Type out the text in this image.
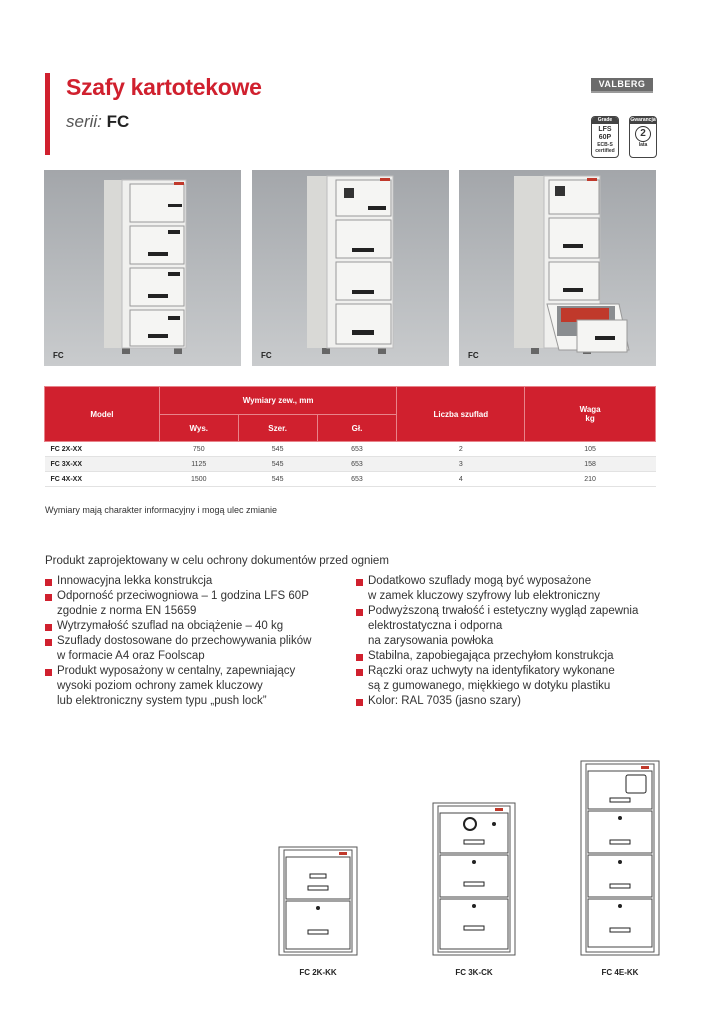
Szafy kartotekowe
serii: FC
VALBERG
Grade
LFS
60P
ECB-S
certified
Gwarancja
2
lata
FC	FC	FC
Model	Wymiary zew., mm			Liczba szuflad	Waga
kg

	Wys.	Szer.	Gł.		
FC 2X-XX	750	545	653	2	105
FC 3X-XX	1125	545	653	3	158
FC 4X-XX	1500	545	653	4	210
Wymiary mają charakter informacyjny i mogą ulec zmianie
Produkt zaprojektowany w celu ochrony dokumentów przed ogniem
Innowacyjna lekka konstrukcja
Odporność przeciwogniowa – 1 godzina LFS 60P
zgodnie z norma EN 15659
Wytrzymałość szuflad na obciążenie – 40 kg
Szuflady dostosowane do przechowywania plików
w formacie A4 oraz Foolscap
Produkt wyposażony w centalny, zapewniający
wysoki poziom ochrony zamek kluczowy
lub elektroniczny system typu „push lock”
Dodatkowo szuflady mogą być wyposażone
w zamek kluczowy szyfrowy lub elektroniczny
Podwyższoną trwałość i estetyczny wygląd zapewnia
elektrostatyczna i odporna
na zarysowania powłoka
Stabilna, zapobiegająca przechyłom konstrukcja
Rączki oraz uchwyty na identyfikatory wykonane
są z gumowanego, miękkiego w dotyku plastiku
Kolor: RAL 7035 (jasno szary)
FC 2K-KK	FC 3K-CK	FC 4E-KK
